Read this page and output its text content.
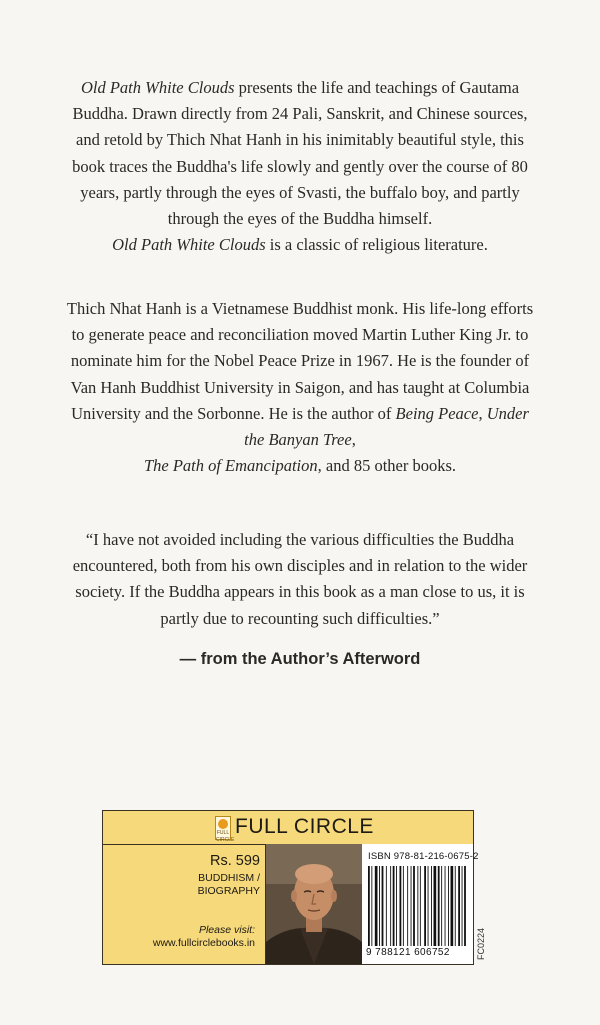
Old Path White Clouds presents the life and teachings of Gautama Buddha. Drawn directly from 24 Pali, Sanskrit, and Chinese sources, and retold by Thich Nhat Hanh in his inimitably beautiful style, this book traces the Buddha's life slowly and gently over the course of 80 years, partly through the eyes of Svasti, the buffalo boy, and partly through the eyes of the Buddha himself.
Old Path White Clouds is a classic of religious literature.

Thich Nhat Hanh is a Vietnamese Buddhist monk. His life-long efforts to generate peace and reconciliation moved Martin Luther King Jr. to nominate him for the Nobel Peace Prize in 1967. He is the founder of Van Hanh Buddhist University in Saigon, and has taught at Columbia University and the Sorbonne. He is the author of Being Peace, Under the Banyan Tree,
The Path of Emancipation, and 85 other books.

“I have not avoided including the various difficulties the Buddha encountered, both from his own disciples and in relation to the wider society. If the Buddha appears in this book as a man close to us, it is partly due to recounting such difficulties.”

— from the Author’s Afterword
FULL CIRCLE
FULL CIRCLE
Rs. 599
BUDDHISM /
BIOGRAPHY
Please visit:
www.fullcirclebooks.in
ISBN 978-81-216-0675-2
9 788121 606752	FC0224
